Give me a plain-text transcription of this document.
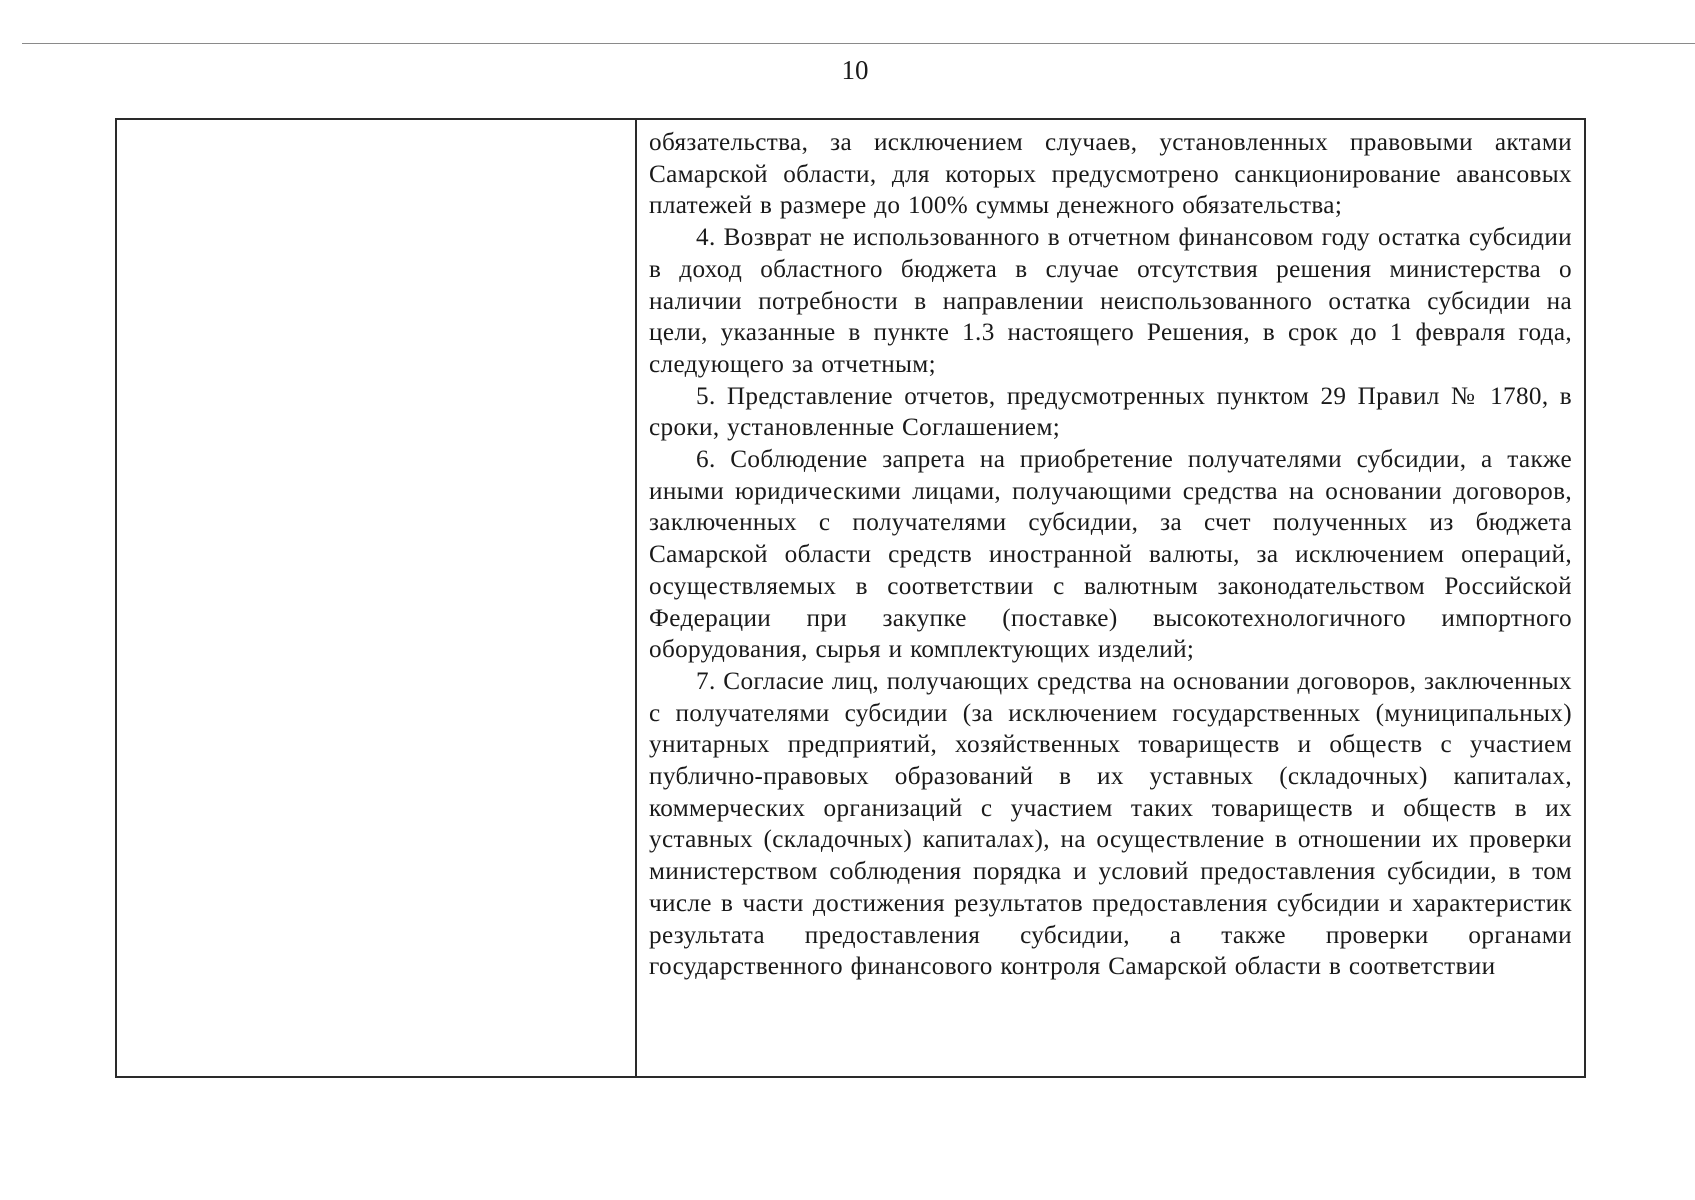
10

обязательства, за исключением случаев, установленных правовыми актами Самарской области, для которых предусмотрено санкционирование авансовых платежей в размере до 100% суммы денежного обязательства;

4. Возврат не использованного в отчетном финансовом году остатка субсидии в доход областного бюджета в случае отсутствия решения министерства о наличии потребности в направлении неиспользованного остатка субсидии на цели, указанные в пункте 1.3 настоящего Решения, в срок до 1 февраля года, следующего за отчетным;

5. Представление отчетов, предусмотренных пунктом 29 Правил № 1780, в сроки, установленные Соглашением;

6. Соблюдение запрета на приобретение получателями субсидии, а также иными юридическими лицами, получающими средства на основании договоров, заключенных с получателями субсидии, за счет полученных из бюджета Самарской области средств иностранной валюты, за исключением операций, осуществляемых в соответствии с валютным законодательством Российской Федерации при закупке (поставке) высокотехнологичного импортного оборудования, сырья и комплектующих изделий;

7. Согласие лиц, получающих средства на основании договоров, заключенных с получателями субсидии (за исключением государственных (муниципальных) унитарных предприятий, хозяйственных товариществ и обществ с участием публично-правовых образований в их уставных (складочных) капиталах, коммерческих организаций с участием таких товариществ и обществ в их уставных (складочных) капиталах), на осуществление в отношении их проверки министерством соблюдения порядка и условий предоставления субсидии, в том числе в части достижения результатов предоставления субсидии и характеристик результата предоставления субсидии, а также проверки органами государственного финансового контроля Самарской области в соответствии
